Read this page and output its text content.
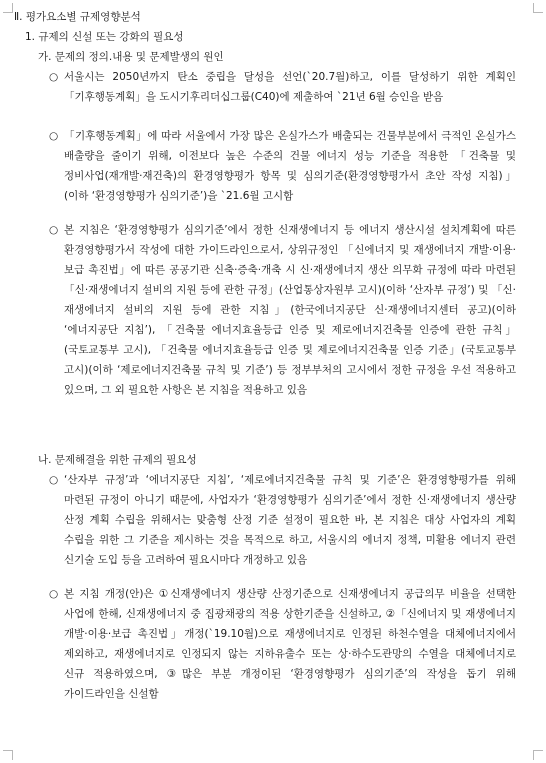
Ⅱ. 평가요소별 규제영향분석
1. 규제의 신설 또는 강화의 필요성
가. 문제의 정의.내용 및 문제발생의 원인
○ 서울시는 2050년까지 탄소 중립을 달성을 선언(`20.7월)하고, 이를 달성하기 위한 계획인 「기후행동계획」을 도시기후리더십그룹(C40)에 제출하여 `21년 6월 승인을 받음
○ 「기후행동계획」에 따라 서울에서 가장 많은 온실가스가 배출되는 건물부분에서 극적인 온실가스 배출량을 줄이기 위해, 이전보다 높은 수준의 건물 에너지 성능 기준을 적용한 「건축물 및 정비사업(재개발·재건축)의 환경영향평가 항목 및 심의기준(환경영향평가서 초안 작성 지침)」(이하 ‘환경영향평가 심의기준’)을 `21.6월 고시함
○ 본 지침은 ‘환경영향평가 심의기준’에서 정한 신재생에너지 등 에너지 생산시설 설치계획에 따른 환경영향평가서 작성에 대한 가이드라인으로서, 상위규정인 「신에너지 및 재생에너지 개발·이용·보급 촉진법」에 따른 공공기관 신축·증축·개축 시 신·재생에너지 생산 의무화 규정에 따라 마련된「신·재생에너지 설비의 지원 등에 관한 규정」(산업통상자원부 고시)(이하 ‘산자부 규정’) 및 「신·재생에너지 설비의 지원 등에 관한 지침」(한국에너지공단 신·재생에너지센터 공고)(이하 ‘에너지공단 지침’), 「건축물 에너지효율등급 인증 및 제로에너지건축물 인증에 관한 규칙」(국토교통부 고시), 「건축물 에너지효율등급 인증 및 제로에너지건축물 인증 기준」(국토교통부 고시)(이하 ‘제로에너지건축물 규칙 및 기준’) 등 정부부처의 고시에서 정한 규정을 우선 적용하고 있으며, 그 외 필요한 사항은 본 지침을 적용하고 있음
나. 문제해결을 위한 규제의 필요성
○ ‘산자부 규정’과 ‘에너지공단 지침’, ‘제로에너지건축물 규칙 및 기준’은 환경영향평가를 위해 마련된 규정이 아니기 때문에, 사업자가 ‘환경영향평가 심의기준’에서 정한 신·재생에너지 생산량 산정 계획 수립을 위해서는 맞춤형 산정 기준 설정이 필요한 바, 본 지침은 대상 사업자의 계획 수립을 위한 그 기준을 제시하는 것을 목적으로 하고, 서울시의 에너지 정책, 미활용 에너지 관련 신기술 도입 등을 고려하여 필요시마다 개정하고 있음
○ 본 지침 개정(안)은 ①신재생에너지 생산량 산정기준으로 신재생에너지 공급의무 비율을 선택한 사업에 한해, 신재생에너지 중 집광채광의 적용 상한기준을 신설하고, ②「신에너지 및 재생에너지 개발·이용·보급 촉진법」개정(`19.10월)으로 재생에너지로 인정된 하천수열을 대체에너지에서 제외하고, 재생에너지로 인정되지 않는 지하유출수 또는 상·하수도관망의 수열을 대체에너지로 신규 적용하였으며, ③많은 부분 개정이된 ‘환경영향평가 심의기준’의 작성을 돕기 위해 가이드라인을 신설함
